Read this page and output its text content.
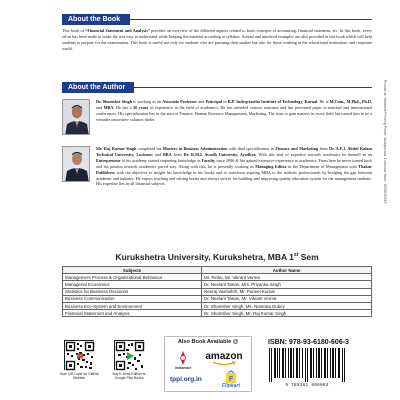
About the Book
This book of “Financial Statement and Analysis” provides an overview of the different aspects related to basic concepts of accounting, financial statement, etc. In this book, every effort has been made to make the text easy to understand while keeping the material according to syllabus. Solved and unsolved examples are also provided in this book which will help students to prepare for the examination. This book is useful not only for students who are pursuing their studies but also for those working in the educational institutions and corporate world.
About the Author
Dr. Shamsher Singh is working as an Associate Professor and Principal in R.P. Inderprastha Institute of Technology, Karnal. He is M.Com., M.Phil., Ph.D. and MBA. He has a 30 years of experience in the field of academics. He has attended various seminars and has presented paper in national and international conferences. His specialization lies in the area of Finance, Human Resource Management, Marketing. The trust to gain masters in every field has turned him to be a versatile innovative solution finder.
Mr. Raj Kumar Singh completed his Masters in Business Administration with dual specialization in Finance and Marketing from Dr. A.P.J. Abdul Kalam Technical University, Lucknow and BBA from Dr. R.M.L Awadh University, Ayodhya. With this zeal of expertise towards academics he himself as an Entrepreneur of his academy started imparting knowledge as Faculty since 2006 & has gained extensive experience in academics. From here he never turned back and his passion towards academics paved way. Along with this, he is presently working as Managing Editor in the Department of Management with Thakur Publishers with the objective to insight his knowledge in his books and to transform aspiring MBA to the realistic professionals by bridging the gap between academic and industry. He enjoys teaching and editing books and always strives for building and improving quality education system for the management students. His expertise lies in all financial subjects.	Printed at: Seasons Printing Press, Jankipuram, Lucknow, Mob.: 9235030547
Kurukshetra University, Kurukshetra, MBA 1st Sem
Subjects	Author Name
Management Process & Organizational Behaviour	Mr. Rinku, Mr. Vikrant Verma
Managerial Economics	Dr. Neelam Tanan, Mrs. Priyanka Singh
Statistics for Business Decisions	Neeraj Vashishth, Mr. Puneet Kumar
Business Communication	Dr. Neelam Tanan, Mr. Vikrant Verma
Business Eco-System and Environment	Dr. Shamsher Singh, Ms. Namrata Dubey
Financial Statement and Analysis	Dr. Shamsher Singh, Mr. Raj Kumar Singh
Scan QR Code for Official Website
Buy E-Book Edition at Google Play Books
Also Book Available @
indiamart
amazon
tppl.org.in	F
Flipkart
ISBN: 978-93-6180-606-3
9 789361 806063
